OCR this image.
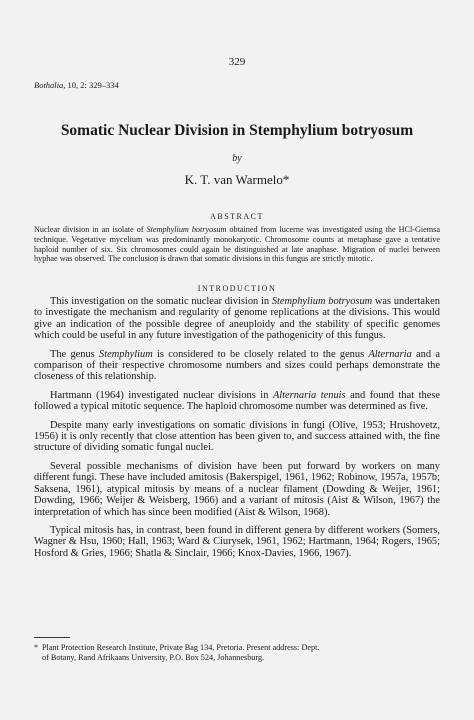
329
Bothalia, 10, 2: 329–334
Somatic Nuclear Division in Stemphylium botryosum
by
K. T. van Warmelo*
ABSTRACT
Nuclear division in an isolate of Stemphylium botryosum obtained from lucerne was investigated using the HCl-Giemsa technique. Vegetative mycelium was predominantly monokaryotic. Chromosome counts at metaphase gave a tentative haploid number of six. Six chromosomes could again be distinguished at late anaphase. Migration of nuclei between hyphae was observed. The conclusion is drawn that somatic divisions in this fungus are strictly mitotic.
INTRODUCTION

This investigation on the somatic nuclear division in Stemphylium botryosum was undertaken to investigate the mechanism and regularity of genome replications at the divisions. This would give an indication of the possible degree of aneuploidy and the stability of specific genomes which could be useful in any future investigation of the pathogenicity of this fungus.

The genus Stemphylium is considered to be closely related to the genus Alternaria and a comparison of their respective chromosome numbers and sizes could perhaps demonstrate the closeness of this relationship.

Hartmann (1964) investigated nuclear divisions in Alternaria tenuis and found that these followed a typical mitotic sequence. The haploid chromosome number was determined as five.

Despite many early investigations on somatic divisions in fungi (Olive, 1953; Hrushovetz, 1956) it is only recently that close attention has been given to, and success attained with, the fine structure of dividing somatic fungal nuclei.

Several possible mechanisms of division have been put forward by workers on many different fungi. These have included amitosis (Bakerspigel, 1961, 1962; Robinow, 1957a, 1957b; Saksena, 1961), atypical mitosis by means of a nuclear filament (Dowding & Weijer, 1961; Dowding, 1966; Weijer & Weisberg, 1966) and a variant of mitosis (Aist & Wilson, 1967) the interpretation of which has since been modified (Aist & Wilson, 1968).

Typical mitosis has, in contrast, been found in different genera by different workers (Somers, Wagner & Hsu, 1960; Hall, 1963; Ward & Ciurysek, 1961, 1962; Hartmann, 1964; Rogers, 1965; Hosford & Gries, 1966; Shatla & Sinclair, 1966; Knox-Davies, 1966, 1967).

* Plant Protection Research Institute, Private Bag 134, Pretoria. Present address: Dept.
of Botany, Rand Afrikaans University, P.O. Box 524, Johannesburg.
